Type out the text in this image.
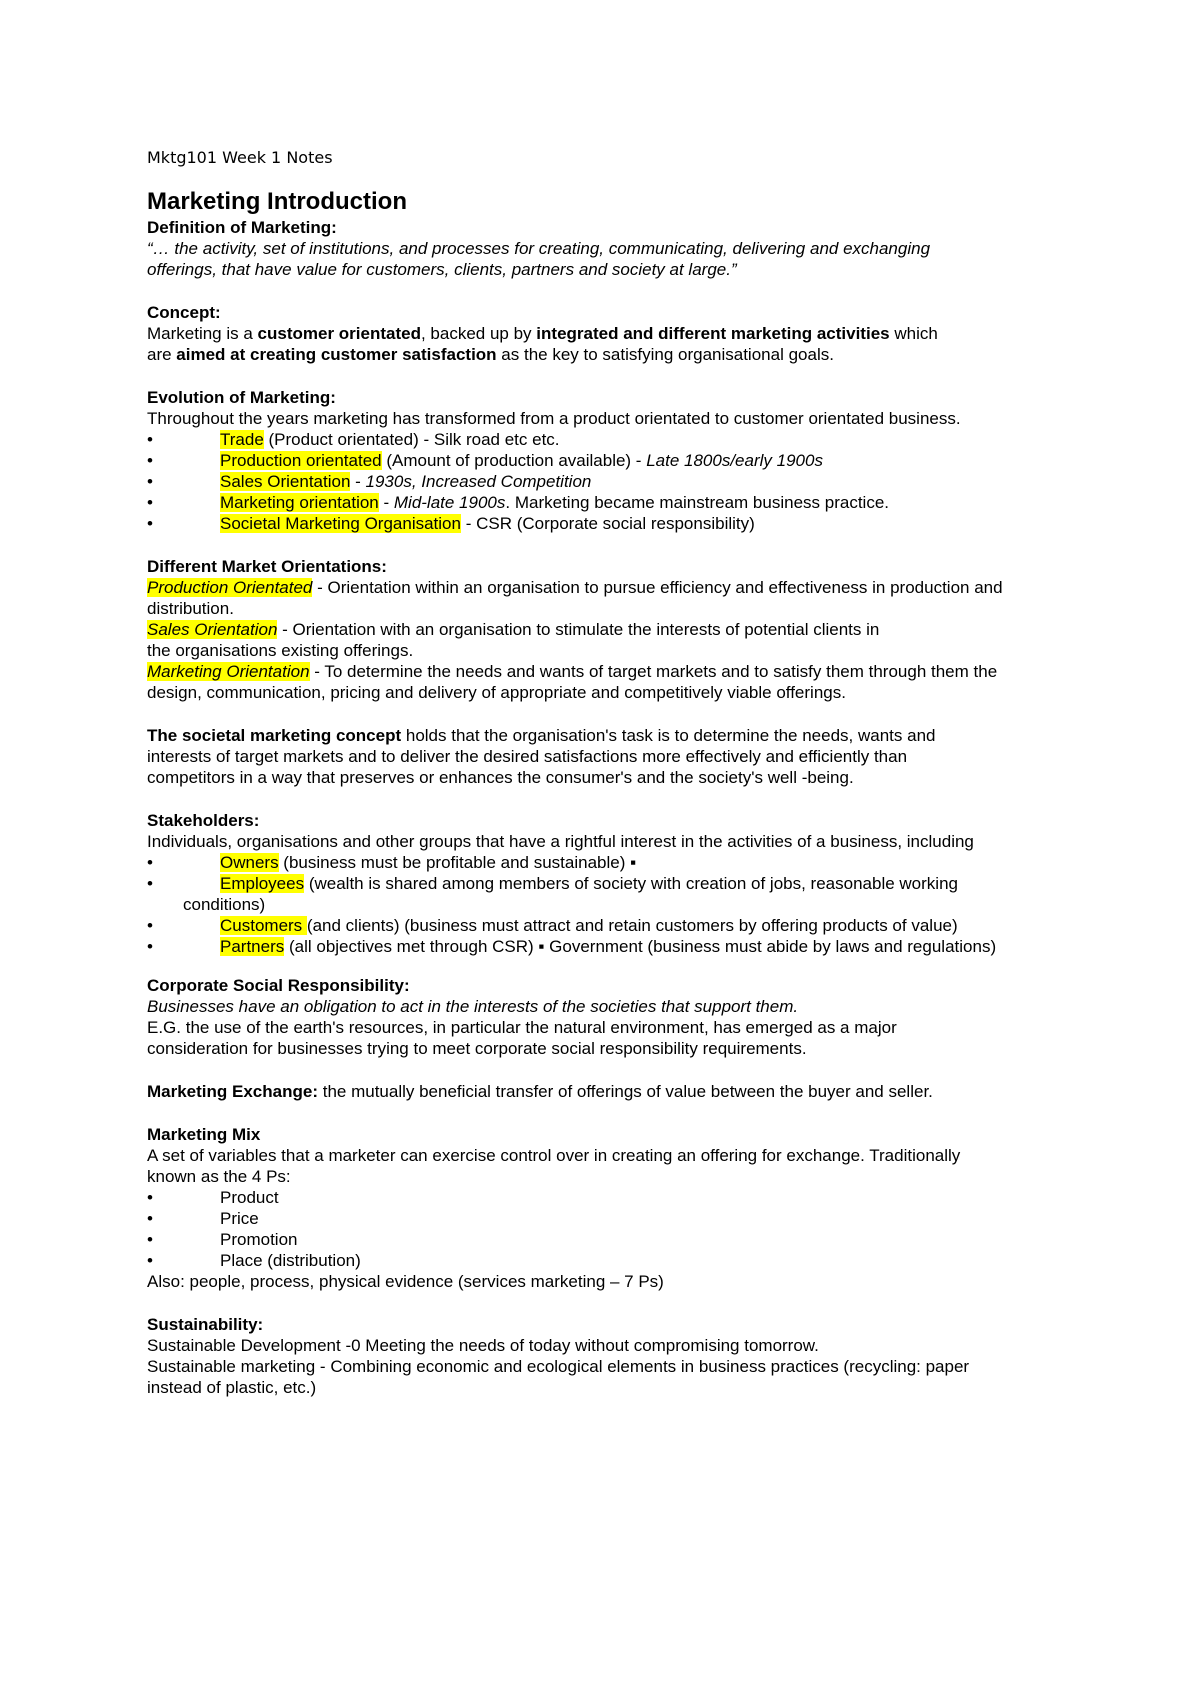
Mktg101 Week 1 Notes

Marketing Introduction

Definition of Marketing:

“… the activity, set of institutions, and processes for creating, communicating, delivering and exchanging

offerings, that have value for customers, clients, partners and society at large.”

Concept:

Marketing is a customer orientated, backed up by integrated and different marketing activities which

are aimed at creating customer satisfaction as the key to satisfying organisational goals.

Evolution of Marketing:

Throughout the years marketing has transformed from a product orientated to customer orientated business.

•	Trade (Product orientated) - Silk road etc etc.
•	Production orientated (Amount of production available) - Late 1800s/early 1900s
•	Sales Orientation - 1930s, Increased Competition
•	Marketing orientation - Mid-late 1900s. Marketing became mainstream business practice.
•	Societal Marketing Organisation - CSR (Corporate social responsibility)

Different Market Orientations:

Production Orientated - Orientation within an organisation to pursue efficiency and effectiveness in production and

distribution.

Sales Orientation - Orientation with an organisation to stimulate the interests of potential clients in

the organisations existing offerings.

Marketing Orientation - To determine the needs and wants of target markets and to satisfy them through them the

design, communication, pricing and delivery of appropriate and competitively viable offerings.

The societal marketing concept holds that the organisation's task is to determine the needs, wants and

interests of target markets and to deliver the desired satisfactions more effectively and efficiently than

competitors in a way that preserves or enhances the consumer's and the society's well -being.

Stakeholders:

Individuals, organisations and other groups that have a rightful interest in the activities of a business, including

•	Owners (business must be profitable and sustainable) ▪
•	Employees (wealth is shared among members of society with creation of jobs, reasonable working
conditions)
•	Customers (and clients) (business must attract and retain customers by offering products of value)
•	Partners (all objectives met through CSR) ▪ Government (business must abide by laws and regulations)

Corporate Social Responsibility:

Businesses have an obligation to act in the interests of the societies that support them.

E.G. the use of the earth's resources, in particular the natural environment, has emerged as a major

consideration for businesses trying to meet corporate social responsibility requirements.

Marketing Exchange: the mutually beneficial transfer of offerings of value between the buyer and seller.

Marketing Mix

A set of variables that a marketer can exercise control over in creating an offering for exchange. Traditionally

known as the 4 Ps:

•	Product
•	Price
•	Promotion
•	Place (distribution)

Also: people, process, physical evidence (services marketing – 7 Ps)

Sustainability:

Sustainable Development -0 Meeting the needs of today without compromising tomorrow.

Sustainable marketing - Combining economic and ecological elements in business practices (recycling: paper

instead of plastic, etc.)
